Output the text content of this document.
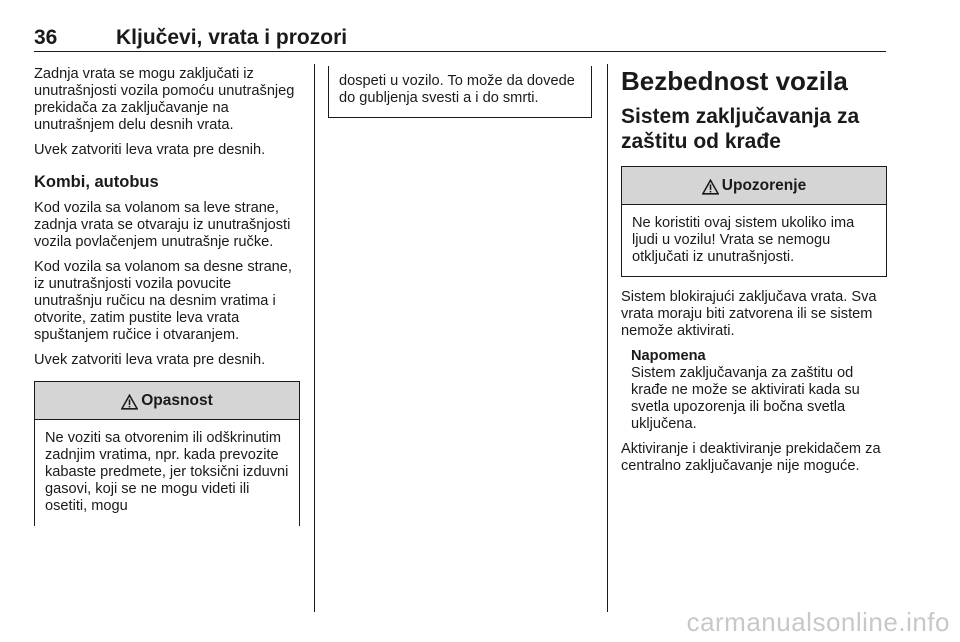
36	Ključevi, vrata i prozori

Zadnja vrata se mogu zaključati iz unutrašnjosti vozila pomoću unutrašnjeg prekidača za zaključavanje na unutrašnjem delu desnih vrata.

Uvek zatvoriti leva vrata pre desnih.

Kombi, autobus

Kod vozila sa volanom sa leve strane, zadnja vrata se otvaraju iz unutrašnjosti vozila povlačenjem unutrašnje ručke.

Kod vozila sa volanom sa desne strane, iz unutrašnjosti vozila povucite unutrašnju ručicu na desnim vratima i otvorite, zatim pustite leva vrata spuštanjem ručice i otvaranjem.

Uvek zatvoriti leva vrata pre desnih.

Opasnost
Ne voziti sa otvorenim ili odškrinutim zadnjim vratima, npr. kada prevozite kabaste predmete, jer toksični izduvni gasovi, koji se ne mogu videti ili osetiti, mogu
dospeti u vozilo. To može da dovede do gubljenja svesti a i do smrti.
Bezbednost vozila
Sistem zaključavanja za zaštitu od krađe
Upozorenje
Ne koristiti ovaj sistem ukoliko ima ljudi u vozilu! Vrata se nemogu otključati iz unutrašnjosti.

Sistem blokirajući zaključava vrata. Sva vrata moraju biti zatvorena ili se sistem nemože aktivirati.

Napomena

Sistem zaključavanja za zaštitu od krađe ne može se aktivirati kada su svetla upozorenja ili bočna svetla uključena.

Aktiviranje i deaktiviranje prekidačem za centralno zaključavanje nije moguće.

carmanualsonline.info
